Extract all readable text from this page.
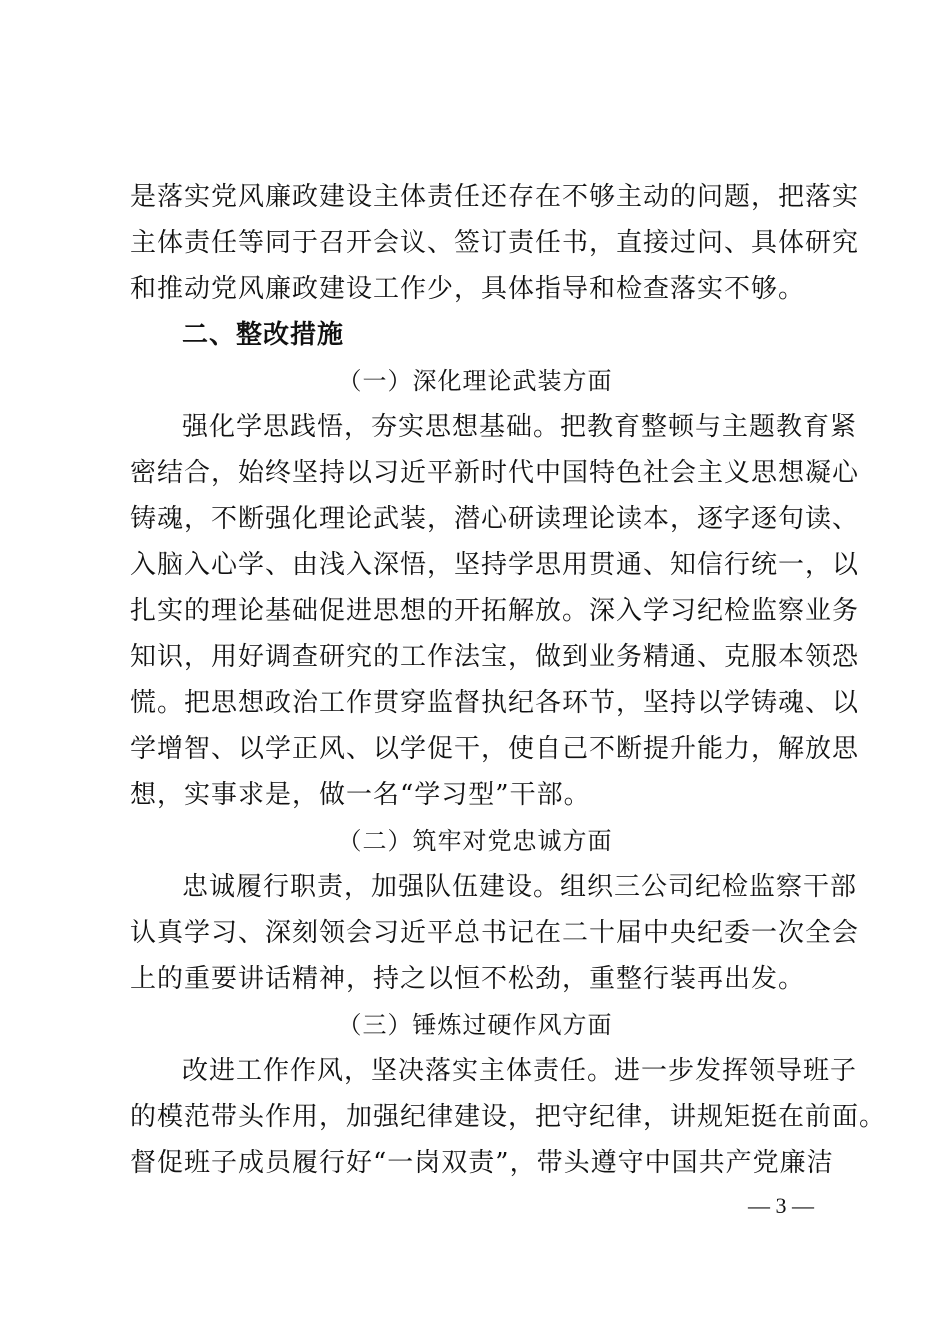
是落实党风廉政建设主体责任还存在不够主动的问题，把落实
主体责任等同于召开会议、签订责任书，直接过问、具体研究
和推动党风廉政建设工作少，具体指导和检查落实不够。
二、整改措施
（一）深化理论武装方面
强化学思践悟，夯实思想基础。把教育整顿与主题教育紧
密结合，始终坚持以习近平新时代中国特色社会主义思想凝心
铸魂，不断强化理论武装，潜心研读理论读本，逐字逐句读、
入脑入心学、由浅入深悟，坚持学思用贯通、知信行统一，以
扎实的理论基础促进思想的开拓解放。深入学习纪检监察业务
知识，用好调查研究的工作法宝，做到业务精通、克服本领恐
慌。把思想政治工作贯穿监督执纪各环节，坚持以学铸魂、以
学增智、以学正风、以学促干，使自己不断提升能力，解放思
想，实事求是，做一名“学习型”干部。
（二）筑牢对党忠诚方面
忠诚履行职责，加强队伍建设。组织三公司纪检监察干部
认真学习、深刻领会习近平总书记在二十届中央纪委一次全会
上的重要讲话精神，持之以恒不松劲，重整行装再出发。
（三）锤炼过硬作风方面
改进工作作风，坚决落实主体责任。进一步发挥领导班子
的模范带头作用，加强纪律建设，把守纪律，讲规矩挺在前面。
督促班子成员履行好“一岗双责”，带头遵守中国共产党廉洁
— 3 —
